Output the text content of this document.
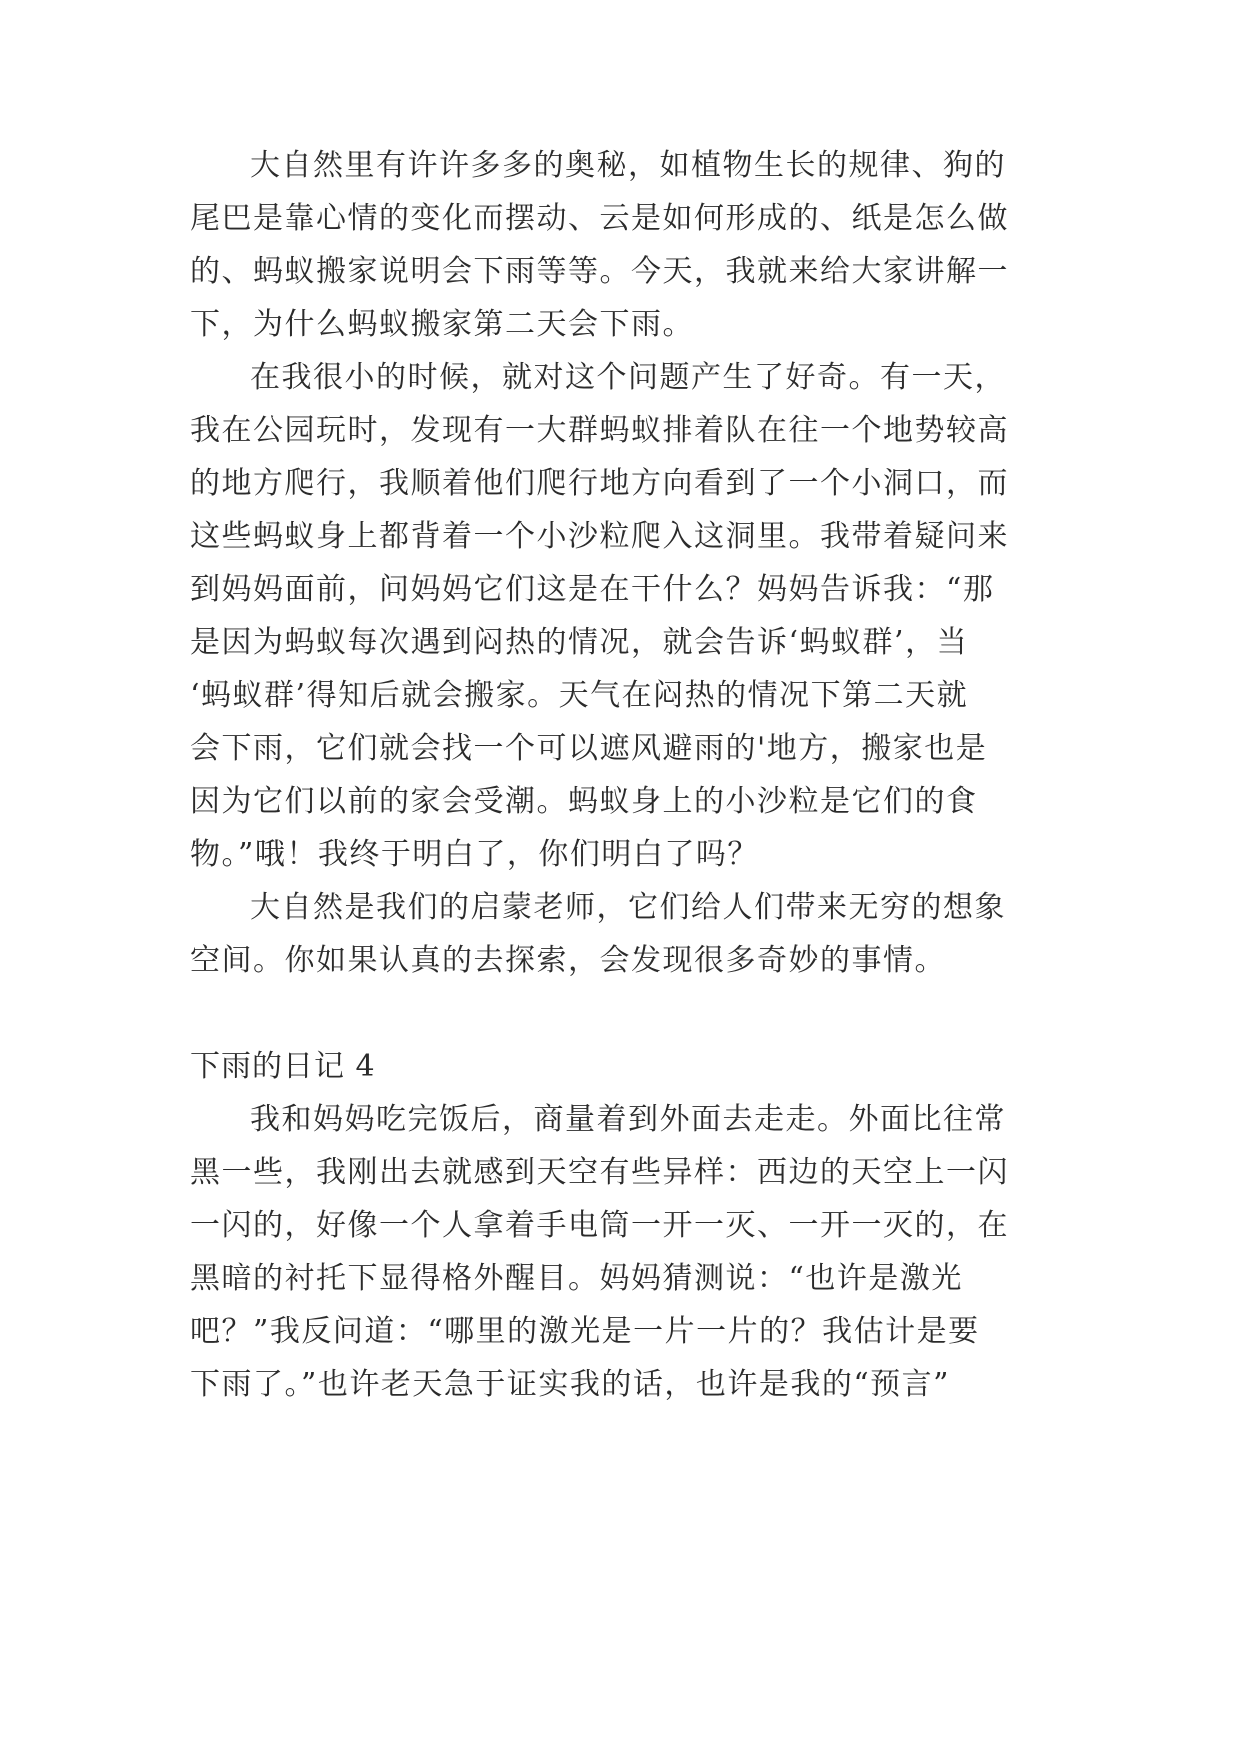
大自然里有许许多多的奥秘，如植物生长的规律、狗的

尾巴是靠心情的变化而摆动、云是如何形成的、纸是怎么做

的、蚂蚁搬家说明会下雨等等。今天，我就来给大家讲解一

下，为什么蚂蚁搬家第二天会下雨。

在我很小的时候，就对这个问题产生了好奇。有一天，

我在公园玩时，发现有一大群蚂蚁排着队在往一个地势较高

的地方爬行，我顺着他们爬行地方向看到了一个小洞口，而

这些蚂蚁身上都背着一个小沙粒爬入这洞里。我带着疑问来

到妈妈面前，问妈妈它们这是在干什么？妈妈告诉我：“那

是因为蚂蚁每次遇到闷热的情况，就会告诉‘蚂蚁群’，当

‘蚂蚁群’得知后就会搬家。天气在闷热的情况下第二天就

会下雨，它们就会找一个可以遮风避雨的'地方，搬家也是

因为它们以前的家会受潮。蚂蚁身上的小沙粒是它们的食

物。”哦！我终于明白了，你们明白了吗？

大自然是我们的启蒙老师，它们给人们带来无穷的想象

空间。你如果认真的去探索，会发现很多奇妙的事情。

下雨的日记 4

我和妈妈吃完饭后，商量着到外面去走走。外面比往常

黑一些，我刚出去就感到天空有些异样：西边的天空上一闪

一闪的，好像一个人拿着手电筒一开一灭、一开一灭的，在

黑暗的衬托下显得格外醒目。妈妈猜测说：“也许是激光

吧？”我反问道：“哪里的激光是一片一片的？我估计是要

下雨了。”也许老天急于证实我的话，也许是我的“预言”
